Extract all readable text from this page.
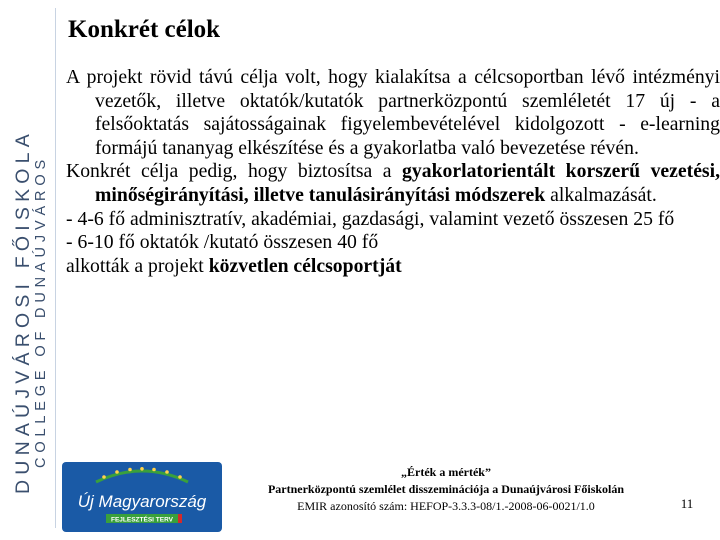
DUNAÚJVÁROSI FŐISKOLA COLLEGE OF DUNAÚJVÁROS
Konkrét célok

A projekt rövid távú célja volt, hogy kialakítsa a célcsoportban lévő intézményi vezetők, illetve oktatók/kutatók partnerközpontú szemléletét 17 új - a felsőoktatás sajátosságainak figyelembevételével kidolgozott - e-learning formájú tananyag elkészítése és a gyakorlatba való bevezetése révén.

Konkrét célja pedig, hogy biztosítsa a gyakorlatorientált korszerű vezetési, minőségirányítási, illetve tanulásirányítási módszerek alkalmazását.

- 4-6 fő adminisztratív, akadémiai, gazdasági, valamint vezető összesen 25 fő

- 6-10 fő oktatók /kutató összesen 40 fő

alkották a projekt közvetlen célcsoportját

Új Magyarország
FEJLESZTÉSI TERV
„Érték a mérték”
Partnerközpontú szemlélet disszeminációja a Dunaújvárosi Főiskolán
EMIR azonosító szám: HEFOP-3.3.3-08/1.-2008-06-0021/1.0	11
